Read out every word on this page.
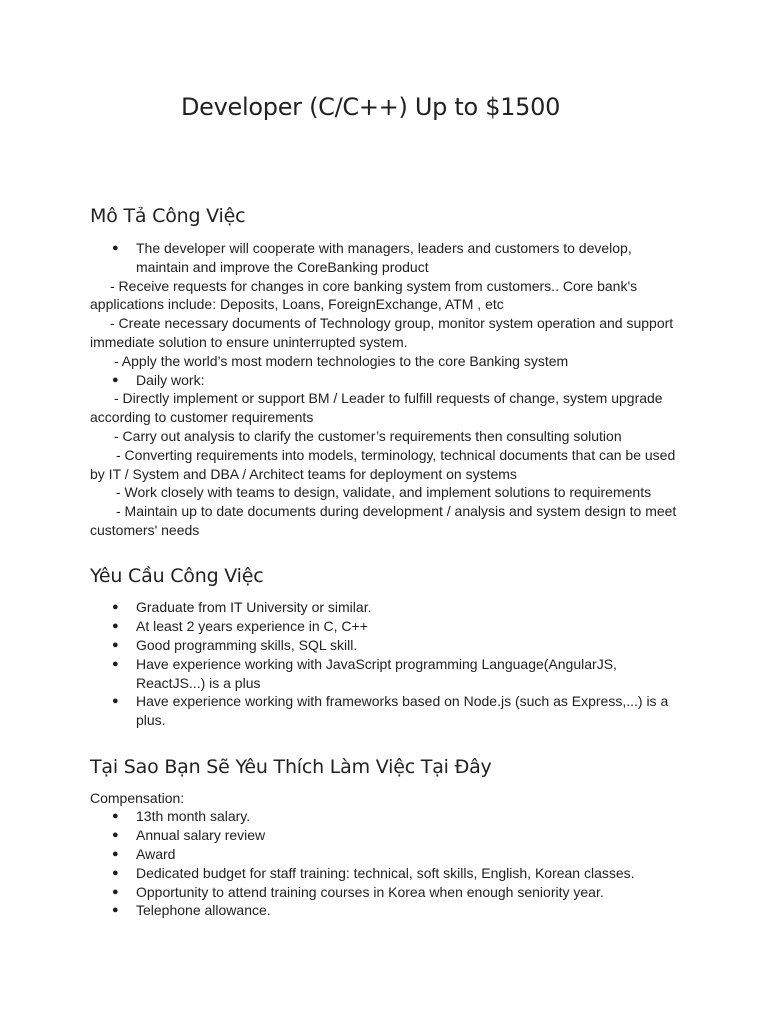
Developer (C/C++) Up to $1500
Mô Tả Công Việc
● The developer will cooperate with managers, leaders and customers to develop,
maintain and improve the CoreBanking product
- Receive requests for changes in core banking system from customers.. Core bank's
applications include: Deposits, Loans, ForeignExchange, ATM , etc
- Create necessary documents of Technology group, monitor system operation and support
immediate solution to ensure uninterrupted system.
- Apply the world’s most modern technologies to the core Banking system
● Daily work:
- Directly implement or support BM / Leader to fulfill requests of change, system upgrade
according to customer requirements
- Carry out analysis to clarify the customer’s requirements then consulting solution
- Converting requirements into models, terminology, technical documents that can be used
by IT / System and DBA / Architect teams for deployment on systems
- Work closely with teams to design, validate, and implement solutions to requirements
- Maintain up to date documents during development / analysis and system design to meet
customers' needs
Yêu Cầu Công Việc
● Graduate from IT University or similar.
● At least 2 years experience in C, C++
● Good programming skills, SQL skill.
● Have experience working with JavaScript programming Language(AngularJS,
ReactJS...) is a plus
● Have experience working with frameworks based on Node.js (such as Express,...) is a
plus.
Tại Sao Bạn Sẽ Yêu Thích Làm Việc Tại Đây
Compensation:
● 13th month salary.
● Annual salary review
● Award
● Dedicated budget for staff training: technical, soft skills, English, Korean classes.
● Opportunity to attend training courses in Korea when enough seniority year.
● Telephone allowance.
